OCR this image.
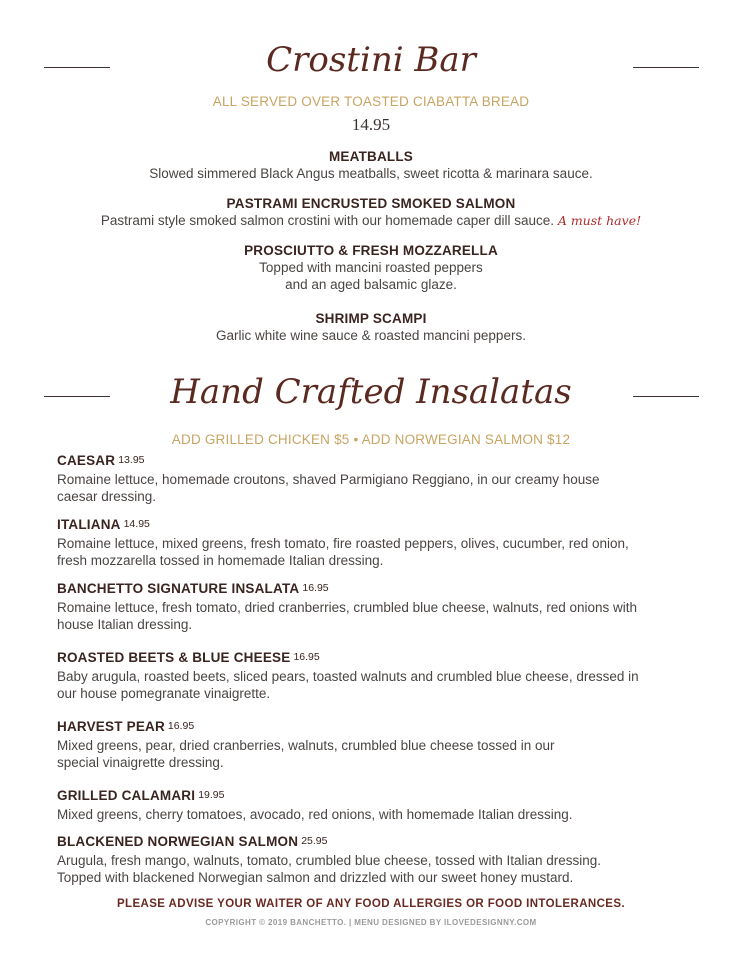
Crostini Bar
ALL SERVED OVER TOASTED CIABATTA BREAD
14.95
MEATBALLS
Slowed simmered Black Angus meatballs, sweet ricotta & marinara sauce.
PASTRAMI ENCRUSTED SMOKED SALMON
Pastrami style smoked salmon crostini with our homemade caper dill sauce. A must have!
PROSCIUTTO & FRESH MOZZARELLA
Topped with mancini roasted peppers
and an aged balsamic glaze.
SHRIMP SCAMPI
Garlic white wine sauce & roasted mancini peppers.
Hand Crafted Insalatas
ADD GRILLED CHICKEN $5 • ADD NORWEGIAN SALMON $12
CAESAR 13.95
Romaine lettuce, homemade croutons, shaved Parmigiano Reggiano, in our creamy house
caesar dressing.
ITALIANA 14.95
Romaine lettuce, mixed greens, fresh tomato, fire roasted peppers, olives, cucumber, red onion,
fresh mozzarella tossed in homemade Italian dressing.
BANCHETTO SIGNATURE INSALATA 16.95
Romaine lettuce, fresh tomato, dried cranberries, crumbled blue cheese, walnuts, red onions with
house Italian dressing.
ROASTED BEETS & BLUE CHEESE 16.95
Baby arugula, roasted beets, sliced pears, toasted walnuts and crumbled blue cheese, dressed in
our house pomegranate vinaigrette.
HARVEST PEAR 16.95
Mixed greens, pear, dried cranberries, walnuts, crumbled blue cheese tossed in our
special vinaigrette dressing.
GRILLED CALAMARI 19.95
Mixed greens, cherry tomatoes, avocado, red onions, with homemade Italian dressing.
BLACKENED NORWEGIAN SALMON 25.95
Arugula, fresh mango, walnuts, tomato, crumbled blue cheese, tossed with Italian dressing.
Topped with blackened Norwegian salmon and drizzled with our sweet honey mustard.
PLEASE ADVISE YOUR WAITER OF ANY FOOD ALLERGIES OR FOOD INTOLERANCES.
COPYRIGHT © 2019 BANCHETTO. | MENU DESIGNED BY ILOVEDESIGNNY.COM
